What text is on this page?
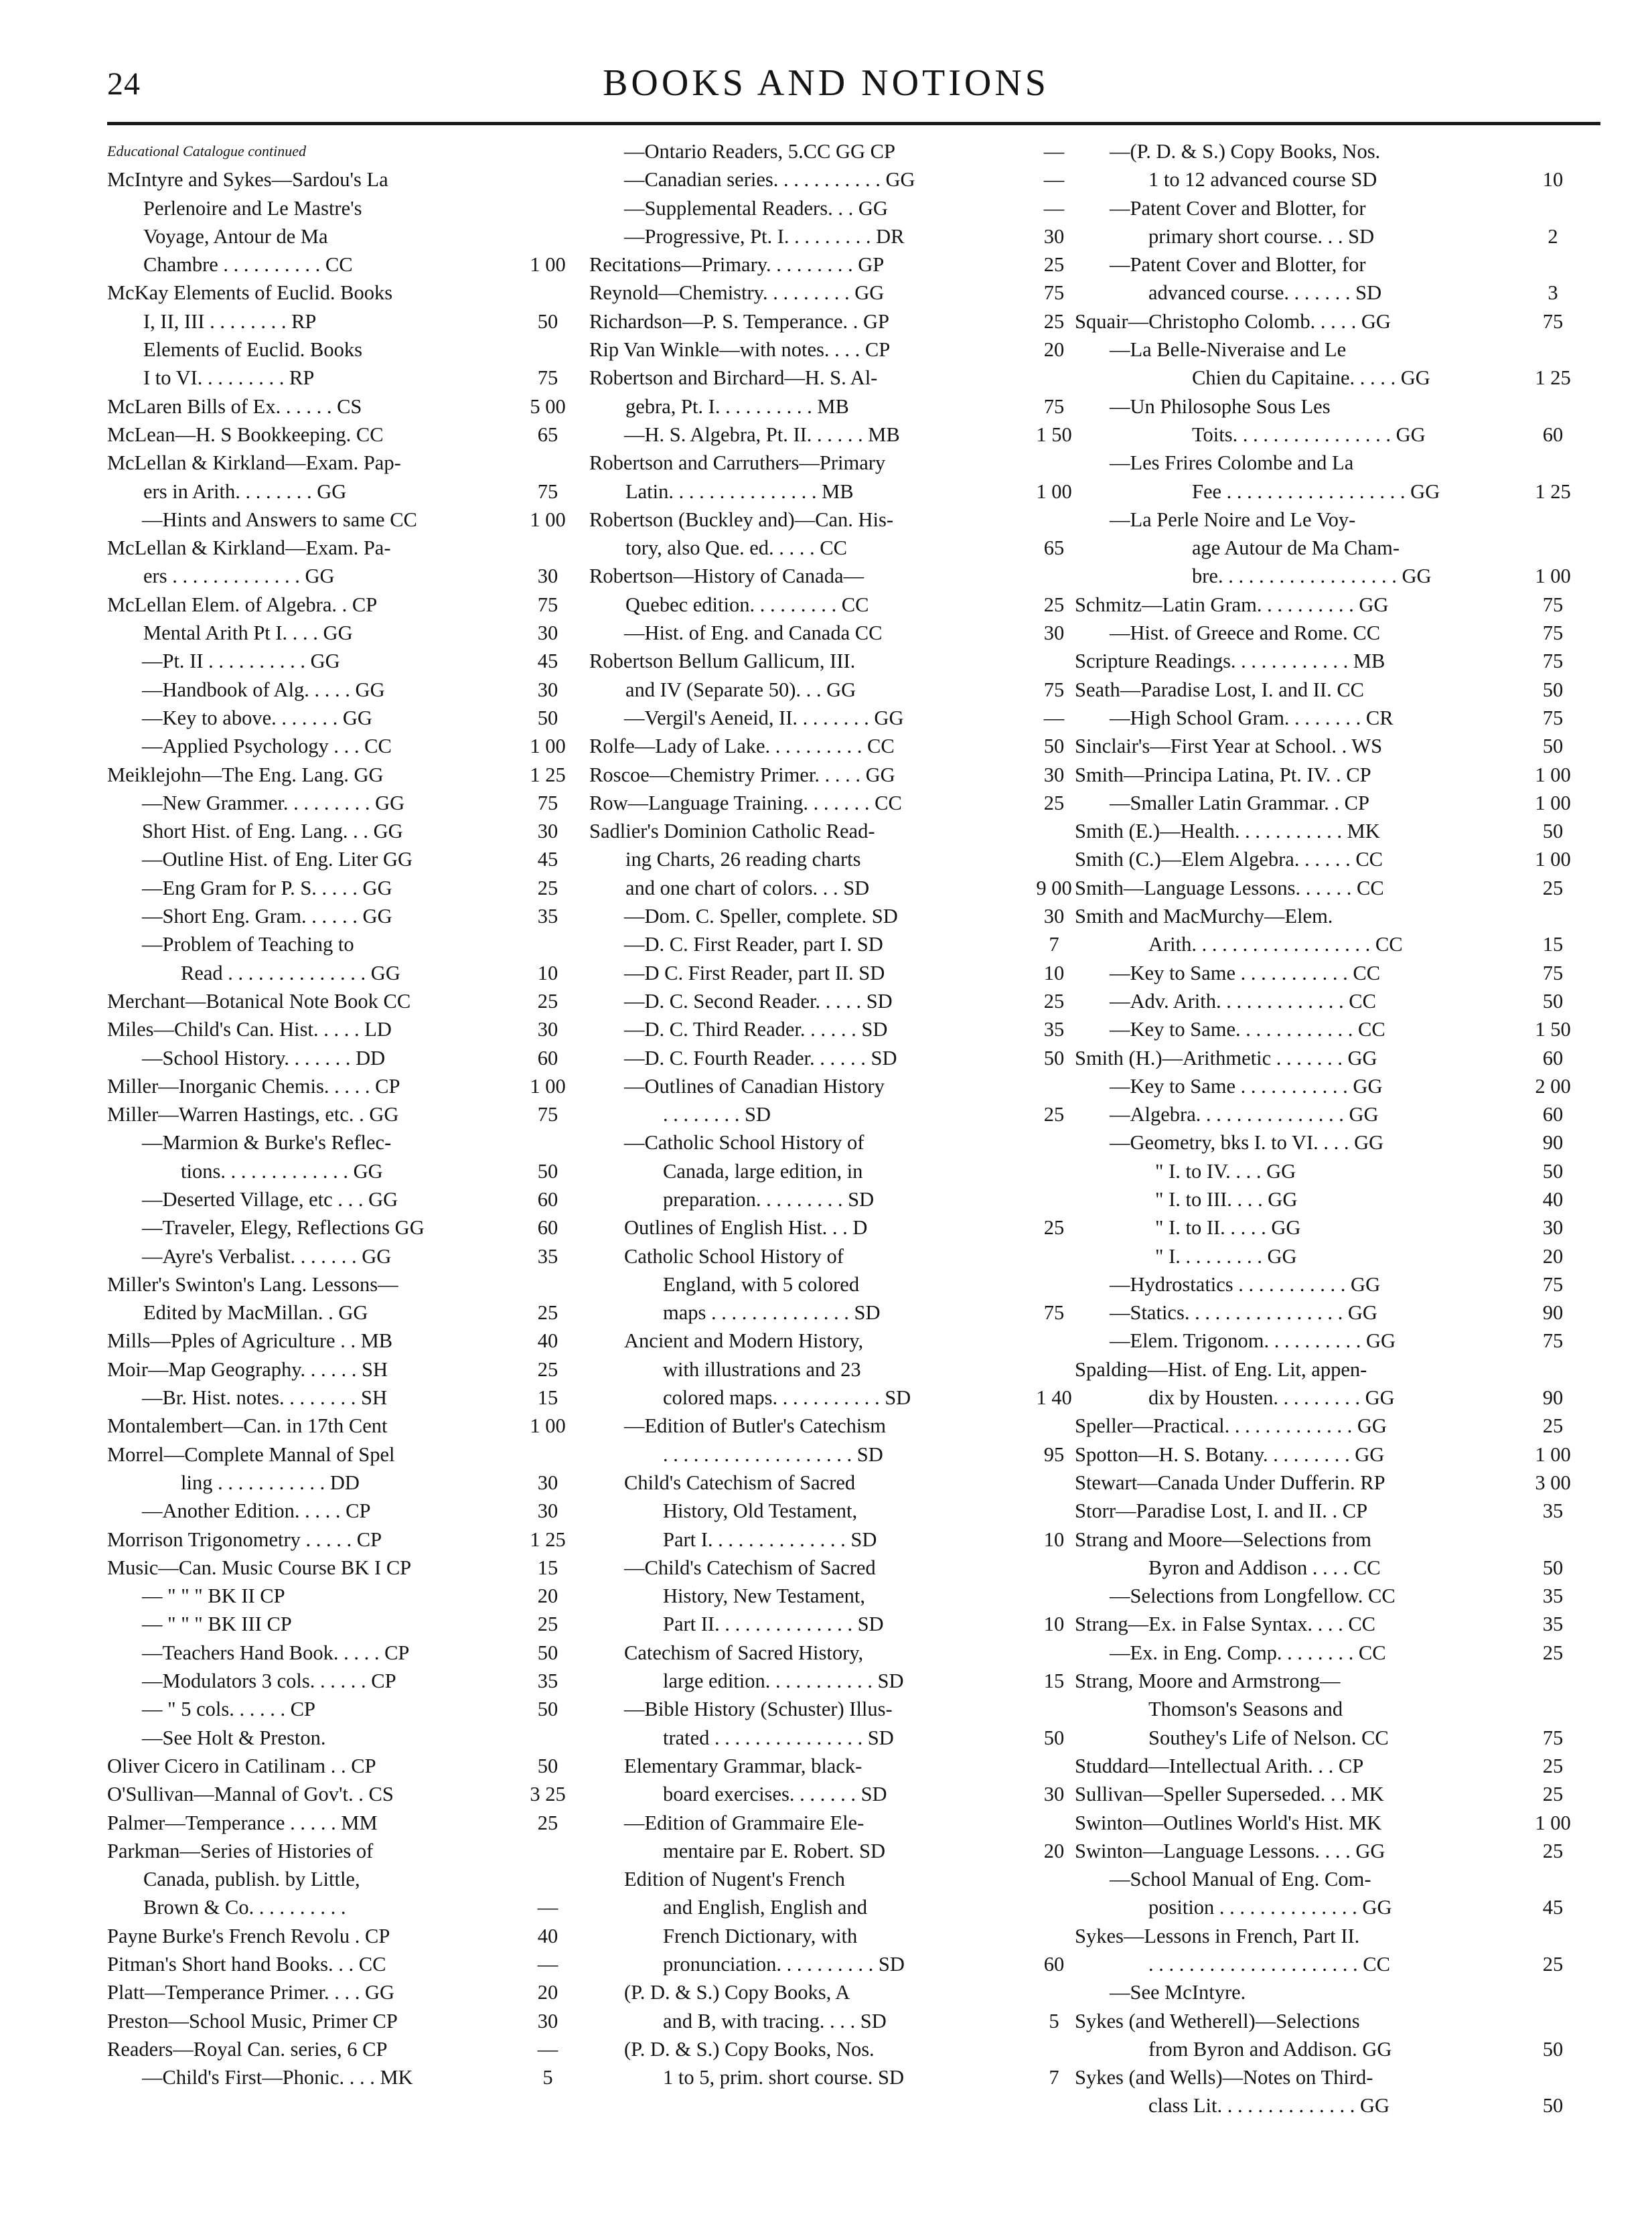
24	BOOKS AND NOTIONS
Educational Catalogue continued
McIntyre and Sykes—Sardou's La
Perlenoire and Le Mastre's
Voyage, Antour de Ma
Chambre . . . . . . . . . . CC	1 00
McKay Elements of Euclid. Books
I, II, III . . . . . . . . RP	50
Elements of Euclid. Books
I to VI. . . . . . . . . RP	75
McLaren Bills of Ex. . . . . . CS	5 00
McLean—H. S Bookkeeping. CC	65
McLellan & Kirkland—Exam. Pap-
ers in Arith. . . . . . . . GG	75
—Hints and Answers to same CC	1 00
McLellan & Kirkland—Exam. Pa-
ers . . . . . . . . . . . . . GG	30
McLellan Elem. of Algebra. . CP	75
Mental Arith Pt I. . . . GG	30
—Pt. II . . . . . . . . . . GG	45
—Handbook of Alg. . . . . GG	30
—Key to above. . . . . . . GG	50
—Applied Psychology . . . CC	1 00
Meiklejohn—The Eng. Lang. GG	1 25
—New Grammer. . . . . . . . . GG	75
Short Hist. of Eng. Lang. . . GG	30
—Outline Hist. of Eng. Liter GG	45
—Eng Gram for P. S. . . . . GG	25
—Short Eng. Gram. . . . . . GG	35
—Problem of Teaching to
Read . . . . . . . . . . . . . . GG	10
Merchant—Botanical Note Book CC	25
Miles—Child's Can. Hist. . . . . LD	30
—School History. . . . . . . DD	60
Miller—Inorganic Chemis. . . . . CP	1 00
Miller—Warren Hastings, etc. . GG	75
—Marmion & Burke's Reflec-
tions. . . . . . . . . . . . . GG	50
—Deserted Village, etc . . . GG	60
—Traveler, Elegy, Reflections GG	60
—Ayre's Verbalist. . . . . . . GG	35
Miller's Swinton's Lang. Lessons—
Edited by MacMillan. . GG	25
Mills—Pples of Agriculture . . MB	40
Moir—Map Geography. . . . . . SH	25
—Br. Hist. notes. . . . . . . . SH	15
Montalembert—Can. in 17th Cent	1 00
Morrel—Complete Mannal of Spel
ling . . . . . . . . . . . DD	30
—Another Edition. . . . . CP	30
Morrison Trigonometry . . . . . CP	1 25
Music—Can. Music Course BK I CP	15
— " " " BK II CP	20
— " " " BK III CP	25
—Teachers Hand Book. . . . . CP	50
—Modulators 3 cols. . . . . . CP	35
— " 5 cols. . . . . . CP	50
—See Holt & Preston.
Oliver Cicero in Catilinam . . CP	50
O'Sullivan—Mannal of Gov't. . CS	3 25
Palmer—Temperance . . . . . MM	25
Parkman—Series of Histories of
Canada, publish. by Little,
Brown & Co. . . . . . . . . .	—
Payne Burke's French Revolu . CP	40
Pitman's Short hand Books. . . CC	—
Platt—Temperance Primer. . . . GG	20
Preston—School Music, Primer CP	30
Readers—Royal Can. series, 6 CP	—
—Child's First—Phonic. . . . MK	5
—Ontario Readers, 5.CC GG CP	—
—Canadian series. . . . . . . . . . . GG	—
—Supplemental Readers. . . GG	—
—Progressive, Pt. I. . . . . . . . . DR	30
Recitations—Primary. . . . . . . . . GP	25
Reynold—Chemistry. . . . . . . . . GG	75
Richardson—P. S. Temperance. . GP	25
Rip Van Winkle—with notes. . . . CP	20
Robertson and Birchard—H. S. Al-
gebra, Pt. I. . . . . . . . . . MB	75
—H. S. Algebra, Pt. II. . . . . . MB	1 50
Robertson and Carruthers—Primary
Latin. . . . . . . . . . . . . . . MB	1 00
Robertson (Buckley and)—Can. His-
tory, also Que. ed. . . . . CC	65
Robertson—History of Canada—
Quebec edition. . . . . . . . . CC	25
—Hist. of Eng. and Canada CC	30
Robertson Bellum Gallicum, III.
and IV (Separate 50). . . GG	75
—Vergil's Aeneid, II. . . . . . . . GG	—
Rolfe—Lady of Lake. . . . . . . . . . CC	50
Roscoe—Chemistry Primer. . . . . GG	30
Row—Language Training. . . . . . . CC	25
Sadlier's Dominion Catholic Read-
ing Charts, 26 reading charts
and one chart of colors. . . SD	9 00
—Dom. C. Speller, complete. SD	30
—D. C. First Reader, part I. SD	7
—D C. First Reader, part II. SD	10
—D. C. Second Reader. . . . . SD	25
—D. C. Third Reader. . . . . . SD	35
—D. C. Fourth Reader. . . . . . SD	50
—Outlines of Canadian History
. . . . . . . . SD	25
—Catholic School History of
Canada, large edition, in
preparation. . . . . . . . . SD
Outlines of English Hist. . . D	25
Catholic School History of
England, with 5 colored
maps . . . . . . . . . . . . . . SD	75
Ancient and Modern History,
with illustrations and 23
colored maps. . . . . . . . . . . SD	1 40
—Edition of Butler's Catechism
. . . . . . . . . . . . . . . . . . . SD	95
Child's Catechism of Sacred
History, Old Testament,
Part I. . . . . . . . . . . . . . SD	10
—Child's Catechism of Sacred
History, New Testament,
Part II. . . . . . . . . . . . . . SD	10
Catechism of Sacred History,
large edition. . . . . . . . . . . SD	15
—Bible History (Schuster) Illus-
trated . . . . . . . . . . . . . . . SD	50
Elementary Grammar, black-
board exercises. . . . . . . SD	30
—Edition of Grammaire Ele-
mentaire par E. Robert. SD	20
Edition of Nugent's French
and English, English and
French Dictionary, with
pronunciation. . . . . . . . . . SD	60
(P. D. & S.) Copy Books, A
and B, with tracing. . . . SD	5
(P. D. & S.) Copy Books, Nos.
1 to 5, prim. short course. SD	7
—(P. D. & S.) Copy Books, Nos.
1 to 12 advanced course SD	10
—Patent Cover and Blotter, for
primary short course. . . SD	2
—Patent Cover and Blotter, for
advanced course. . . . . . . SD	3
Squair—Christopho Colomb. . . . . GG	75
—La Belle-Niveraise and Le
Chien du Capitaine. . . . . GG	1 25
—Un Philosophe Sous Les
Toits. . . . . . . . . . . . . . . . GG	60
—Les Frires Colombe and La
Fee . . . . . . . . . . . . . . . . . . GG	1 25
—La Perle Noire and Le Voy-
age Autour de Ma Cham-
bre. . . . . . . . . . . . . . . . . . GG	1 00
Schmitz—Latin Gram. . . . . . . . . . GG	75
—Hist. of Greece and Rome. CC	75
Scripture Readings. . . . . . . . . . . . MB	75
Seath—Paradise Lost, I. and II. CC	50
—High School Gram. . . . . . . . CR	75
Sinclair's—First Year at School. . WS	50
Smith—Principa Latina, Pt. IV. . CP	1 00
—Smaller Latin Grammar. . CP	1 00
Smith (E.)—Health. . . . . . . . . . . MK	50
Smith (C.)—Elem Algebra. . . . . . CC	1 00
Smith—Language Lessons. . . . . . CC	25
Smith and MacMurchy—Elem.
Arith. . . . . . . . . . . . . . . . . . CC	15
—Key to Same . . . . . . . . . . . CC	75
—Adv. Arith. . . . . . . . . . . . . CC	50
—Key to Same. . . . . . . . . . . . CC	1 50
Smith (H.)—Arithmetic . . . . . . . GG	60
—Key to Same . . . . . . . . . . . GG	2 00
—Algebra. . . . . . . . . . . . . . . GG	60
—Geometry, bks I. to VI. . . . GG	90
" I. to IV. . . . GG	50
" I. to III. . . . GG	40
" I. to II. . . . . GG	30
" I. . . . . . . . . GG	20
—Hydrostatics . . . . . . . . . . . GG	75
—Statics. . . . . . . . . . . . . . . . GG	90
—Elem. Trigonom. . . . . . . . . . GG	75
Spalding—Hist. of Eng. Lit, appen-
dix by Housten. . . . . . . . . GG	90
Speller—Practical. . . . . . . . . . . . . GG	25
Spotton—H. S. Botany. . . . . . . . . GG	1 00
Stewart—Canada Under Dufferin. RP	3 00
Storr—Paradise Lost, I. and II. . CP	35
Strang and Moore—Selections from
Byron and Addison . . . . CC	50
—Selections from Longfellow. CC	35
Strang—Ex. in False Syntax. . . . CC	35
—Ex. in Eng. Comp. . . . . . . . CC	25
Strang, Moore and Armstrong—
Thomson's Seasons and
Southey's Life of Nelson. CC	75
Studdard—Intellectual Arith. . . CP	25
Sullivan—Speller Superseded. . . MK	25
Swinton—Outlines World's Hist. MK	1 00
Swinton—Language Lessons. . . . GG	25
—School Manual of Eng. Com-
position . . . . . . . . . . . . . . GG	45
Sykes—Lessons in French, Part II.
. . . . . . . . . . . . . . . . . . . . . CC	25
—See McIntyre.
Sykes (and Wetherell)—Selections
from Byron and Addison. GG	50
Sykes (and Wells)—Notes on Third-
class Lit. . . . . . . . . . . . . . GG	50
